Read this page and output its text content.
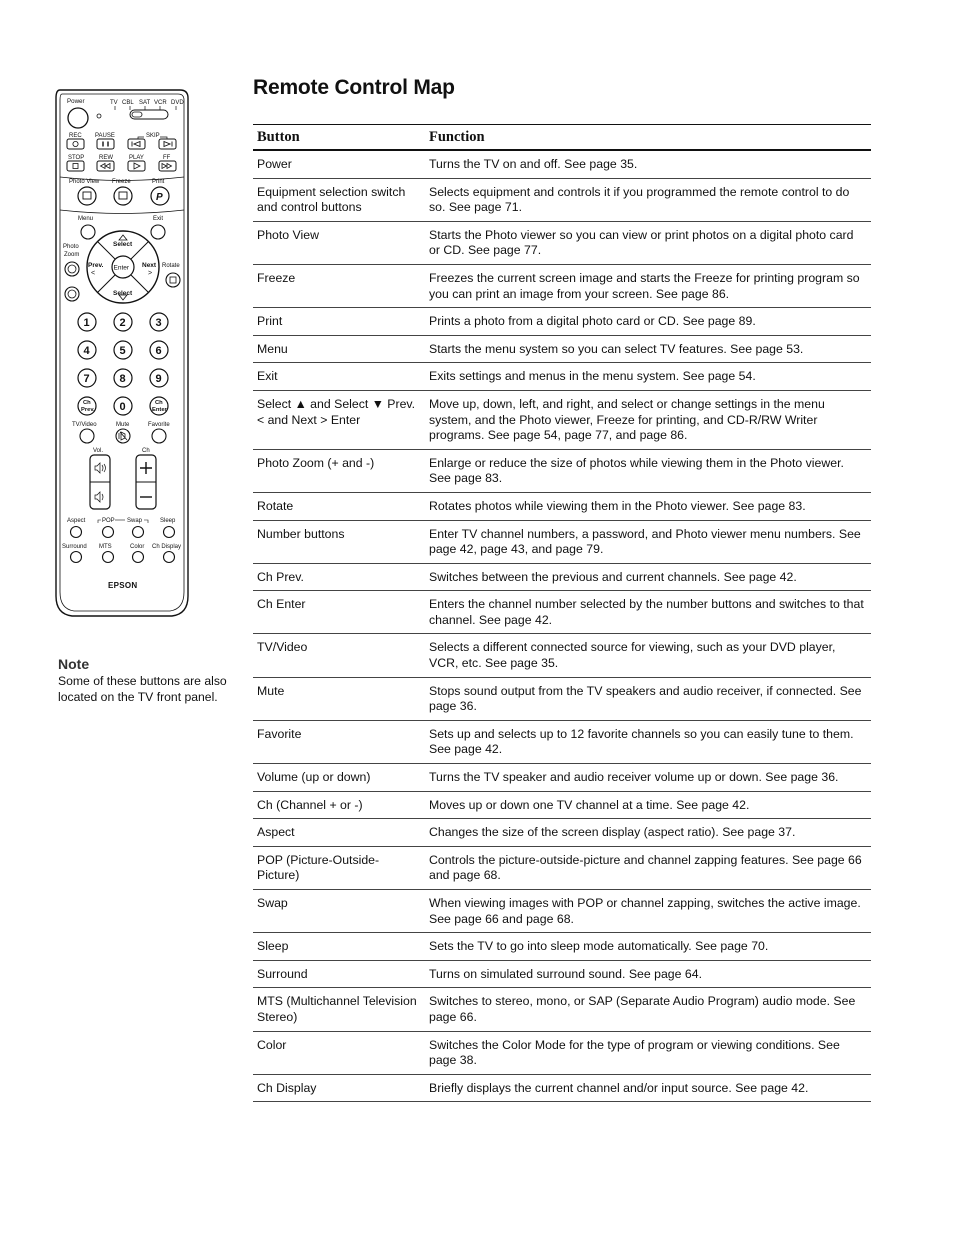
Power	TV CBL SAT VCR DVD
REC PAUSE	SKIP
STOP REW	PLAY	FF
Photo View Freeze	Print
P
Menu	Exit
Photo
Zoom
Rotate
Enter
Select
Select
Prev.
<
Next
>
1	2	3
4	5	6
7	8	9
Ch
Prev. 0	Ch
Enter
TV/Video	Mute	Favorite
Vol.	Ch
Aspect	POP Swap	Sleep
Surround MTS	Color Ch Display
EPSON
Note
Some of these buttons are also located on the TV front panel.
Remote Control Map
Button	Function
Power	Turns the TV on and off. See page 35.
Equipment selection switch and control buttons	Selects equipment and controls it if you programmed the remote control to do so. See page 71.
Photo View	Starts the Photo viewer so you can view or print photos on a digital photo card or CD. See page 77.
Freeze	Freezes the current screen image and starts the Freeze for printing program so you can print an image from your screen. See page 86.
Print	Prints a photo from a digital photo card or CD. See page 89.
Menu	Starts the menu system so you can select TV features. See page 53.
Exit	Exits settings and menus in the menu system. See page 54.
Select ▲ and Select ▼ Prev. < and Next > Enter	Move up, down, left, and right, and select or change settings in the menu system, and the Photo viewer, Freeze for printing, and CD-R/RW Writer programs. See page 54, page 77, and page 86.
Photo Zoom (+ and -)	Enlarge or reduce the size of photos while viewing them in the Photo viewer. See page 83.
Rotate	Rotates photos while viewing them in the Photo viewer. See page 83.
Number buttons	Enter TV channel numbers, a password, and Photo viewer menu numbers. See page 42, page 43, and page 79.
Ch Prev.	Switches between the previous and current channels. See page 42.
Ch Enter	Enters the channel number selected by the number buttons and switches to that channel. See page 42.
TV/Video	Selects a different connected source for viewing, such as your DVD player, VCR, etc. See page 35.
Mute	Stops sound output from the TV speakers and audio receiver, if connected. See page 36.
Favorite	Sets up and selects up to 12 favorite channels so you can easily tune to them. See page 42.
Volume (up or down)	Turns the TV speaker and audio receiver volume up or down. See page 36.
Ch (Channel + or -)	Moves up or down one TV channel at a time. See page 42.
Aspect	Changes the size of the screen display (aspect ratio). See page 37.
POP (Picture-Outside-Picture)	Controls the picture-outside-picture and channel zapping features. See page 66 and page 68.
Swap	When viewing images with POP or channel zapping, switches the active image. See page 66 and page 68.
Sleep	Sets the TV to go into sleep mode automatically. See page 70.
Surround	Turns on simulated surround sound. See page 64.
MTS (Multichannel Television Stereo)	Switches to stereo, mono, or SAP (Separate Audio Program) audio mode. See page 66.
Color	Switches the Color Mode for the type of program or viewing conditions. See page 38.
Ch Display	Briefly displays the current channel and/or input source. See page 42.
